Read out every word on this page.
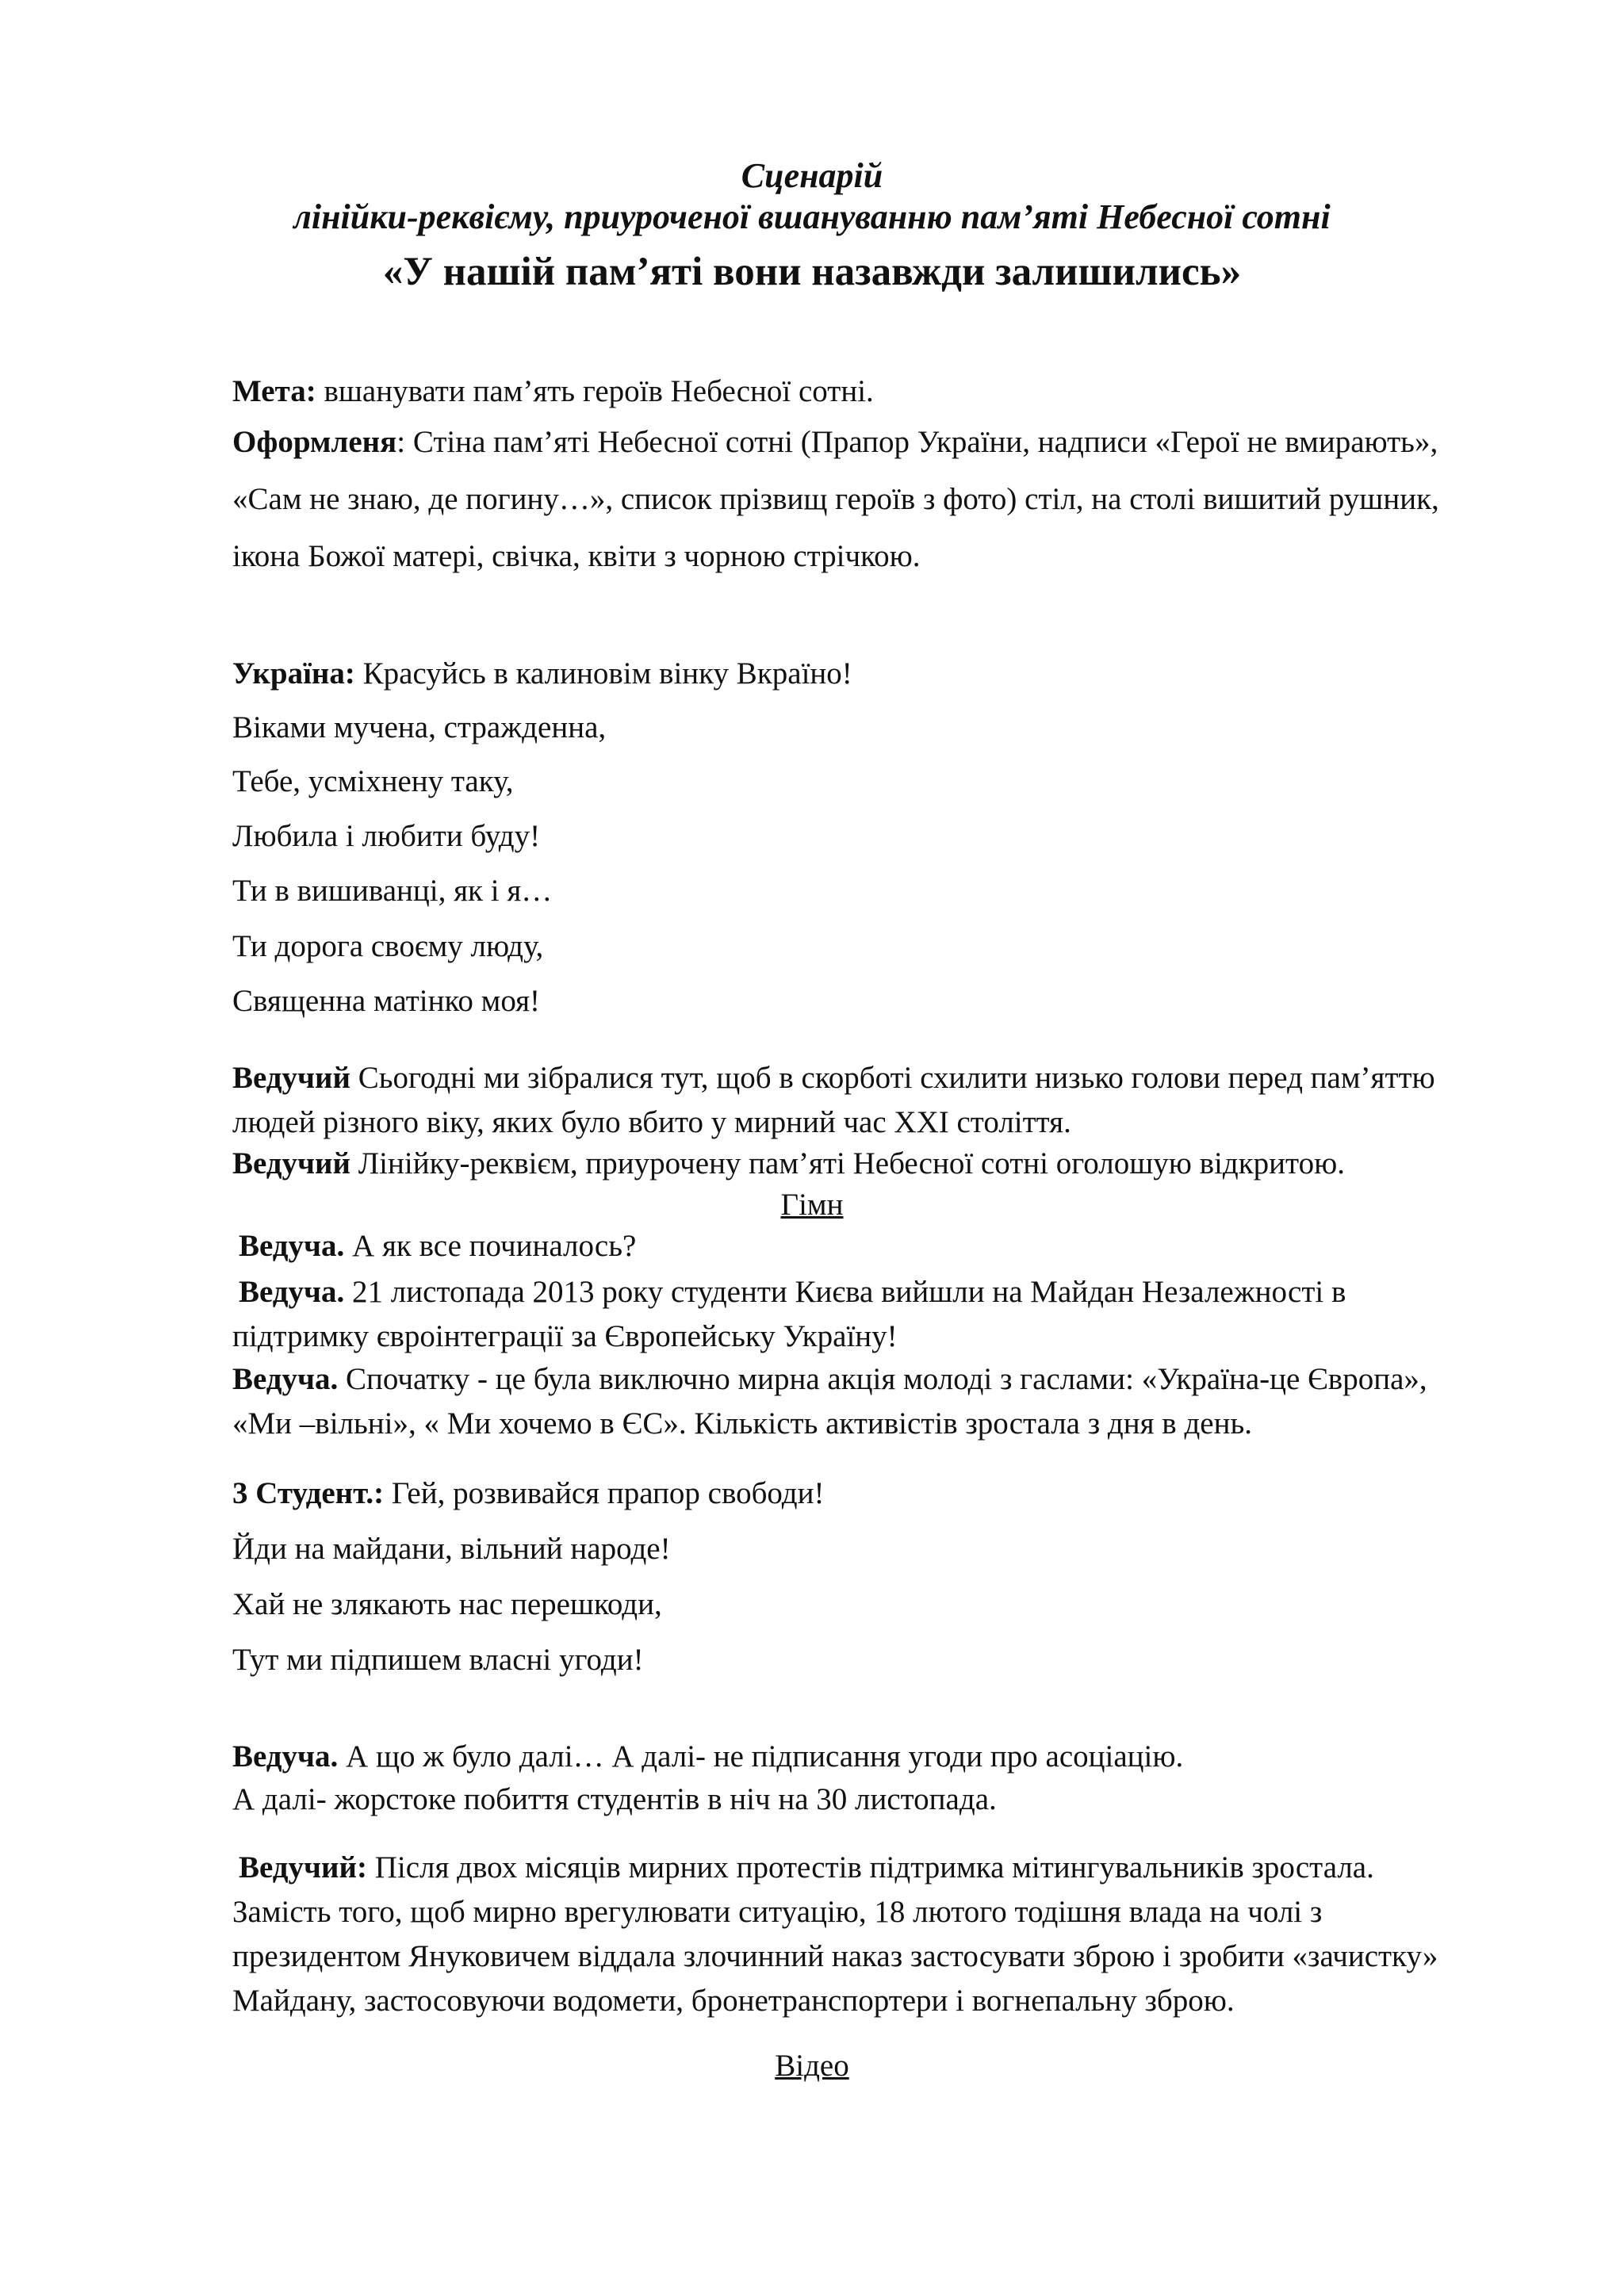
Сценарій
лінійки-реквієму, приуроченої вшануванню пам’яті Небесної сотні
«У нашій пам’яті вони назавжди залишились»
Мета: вшанувати пам’ять героїв Небесної сотні.
Оформленя: Стіна пам’яті Небесної сотні (Прапор України, надписи «Герої не вмирають»,
«Сам не знаю, де погину…», список прізвищ героїв з фото) стіл, на столі вишитий рушник,
ікона Божої матері, свічка, квіти з чорною стрічкою.
Україна: Красуйсь в калиновім вінку Вкраїно!
Віками мучена, стражденна,
Тебе, усміхнену таку,
Любила і любити буду!
Ти в вишиванці, як і я…
Ти дорога своєму люду,
Священна матінко моя!
Ведучий Сьогодні ми зібралися тут, щоб в скорботі схилити низько голови перед пам’яттю
людей різного віку, яких було вбито у мирний час XXI століття.
Ведучий Лінійку-реквієм, приурочену пам’яті Небесної сотні оголошую відкритою.
Гімн
Ведуча. А як все починалось?
Ведуча. 21 листопада 2013 року студенти Києва вийшли на Майдан Незалежності в
підтримку євроінтеграції за Європейську Україну!
Ведуча. Спочатку - це була виключно мирна акція молоді з гаслами: «Україна-це Європа»,
«Ми –вільні», « Ми хочемо в ЄС». Кількість активістів зростала з дня в день.
3 Студент.: Гей, розвивайся прапор свободи!
Йди на майдани, вільний народе!
Хай не злякають нас перешкоди,
Тут ми підпишем власні угоди!
Ведуча. А що ж було далі… А далі- не підписання угоди про асоціацію.
А далі- жорстоке побиття студентів в ніч на 30 листопада.
Ведучий: Після двох місяців мирних протестів підтримка мітингувальників зростала.
Замість того, щоб мирно врегулювати ситуацію, 18 лютого тодішня влада на чолі з
президентом Януковичем віддала злочинний наказ застосувати зброю і зробити «зачистку»
Майдану, застосовуючи водомети, бронетранспортери і вогнепальну зброю.
Відео
